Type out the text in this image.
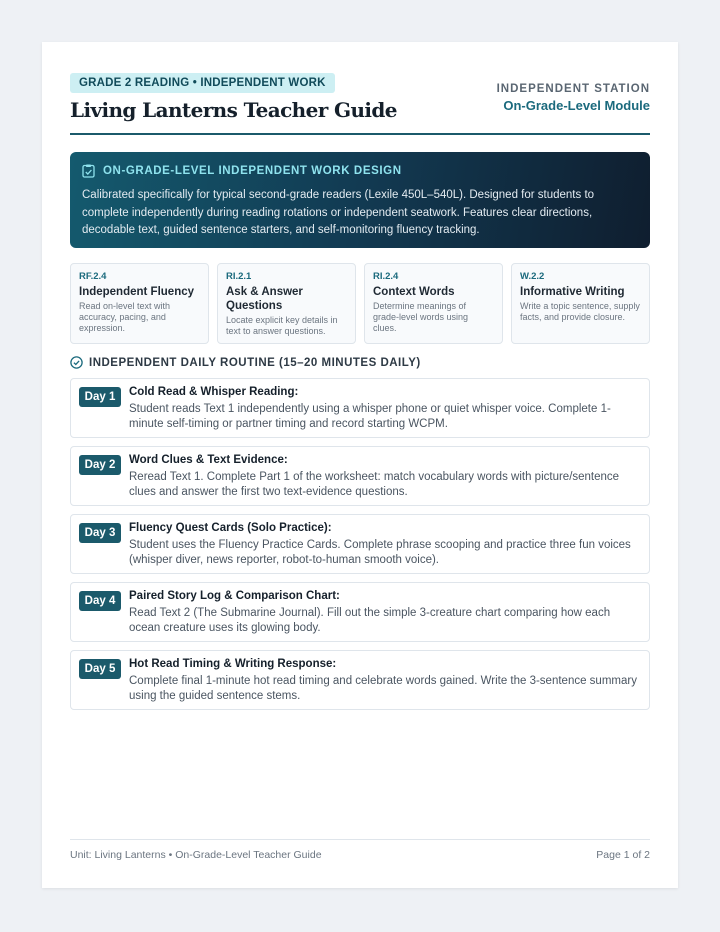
GRADE 2 READING • INDEPENDENT WORK
Living Lanterns Teacher Guide
INDEPENDENT STATION
On-Grade-Level Module
ON-GRADE-LEVEL INDEPENDENT WORK DESIGN
Calibrated specifically for typical second-grade readers (Lexile 450L–540L). Designed for students to complete independently during reading rotations or independent seatwork. Features clear directions, decodable text, guided sentence starters, and self-monitoring fluency tracking.
RF.2.4
Independent Fluency
Read on-level text with accuracy, pacing, and expression.
RI.2.1
Ask & Answer Questions
Locate explicit key details in text to answer questions.
RI.2.4
Context Words
Determine meanings of grade-level words using clues.
W.2.2
Informative Writing
Write a topic sentence, supply facts, and provide closure.
INDEPENDENT DAILY ROUTINE (15–20 MINUTES DAILY)
Day 1	Cold Read & Whisper Reading:
Student reads Text 1 independently using a whisper phone or quiet whisper voice. Complete 1-minute self-timing or partner timing and record starting WCPM.
Day 2	Word Clues & Text Evidence:
Reread Text 1. Complete Part 1 of the worksheet: match vocabulary words with picture/sentence clues and answer the first two text-evidence questions.
Day 3	Fluency Quest Cards (Solo Practice):
Student uses the Fluency Practice Cards. Complete phrase scooping and practice three fun voices (whisper diver, news reporter, robot-to-human smooth voice).
Day 4	Paired Story Log & Comparison Chart:
Read Text 2 (The Submarine Journal). Fill out the simple 3-creature chart comparing how each ocean creature uses its glowing body.
Day 5	Hot Read Timing & Writing Response:
Complete final 1-minute hot read timing and celebrate words gained. Write the 3-sentence summary using the guided sentence stems.
Unit: Living Lanterns • On-Grade-Level Teacher Guide	Page 1 of 2
